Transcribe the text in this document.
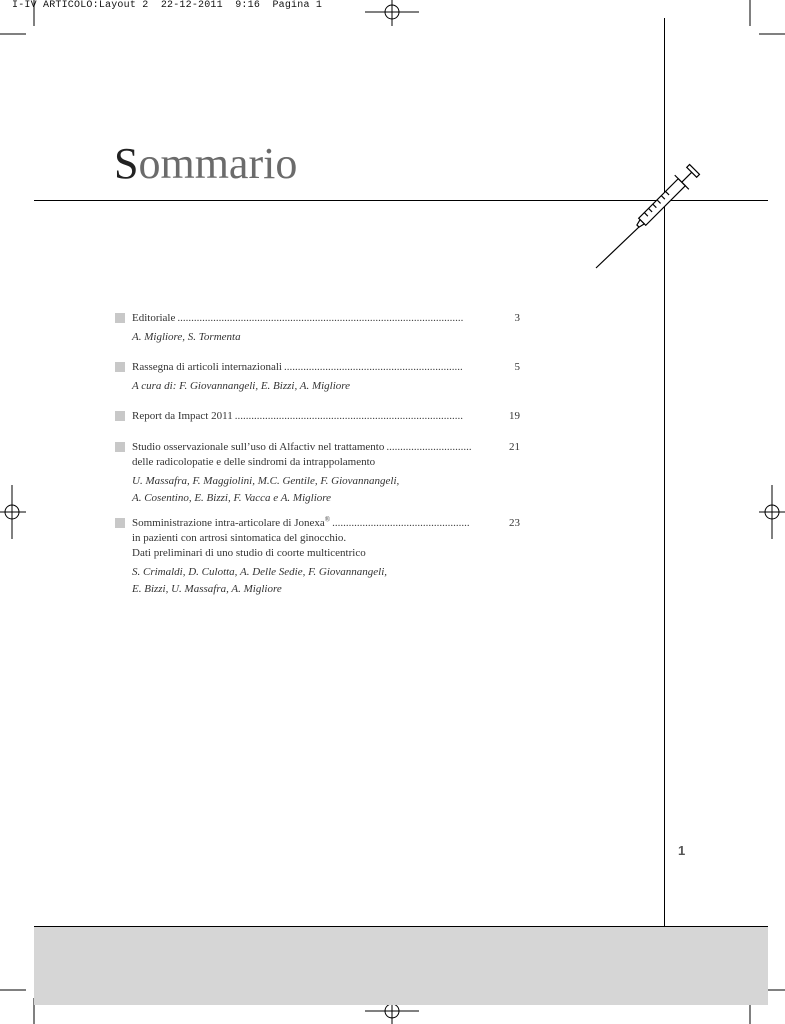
I-IV ARTICOLO:Layout 2  22-12-2011  9:16  Pagina 1
Sommario
Editoriale ........................................................................................................	3
A. Migliore, S. Tormenta
Rassegna di articoli internazionali .................................................................	5
A cura di: F. Giovannangeli, E. Bizzi, A. Migliore
Report da Impact 2011 ...................................................................................	19
Studio osservazionale sull’uso di Alfactiv nel trattamento ...............................	21
delle radicolopatie e delle sindromi da intrappolamento
U. Massafra, F. Maggiolini, M.C. Gentile, F. Giovannangeli,
A. Cosentino, E. Bizzi, F. Vacca e A. Migliore
Somministrazione intra-articolare di Jonexa® ..................................................	23
in pazienti con artrosi sintomatica del ginocchio.
Dati preliminari di uno studio di coorte multicentrico
S. Crimaldi, D. Culotta, A. Delle Sedie, F. Giovannangeli,
E. Bizzi, U. Massafra, A. Migliore
1
